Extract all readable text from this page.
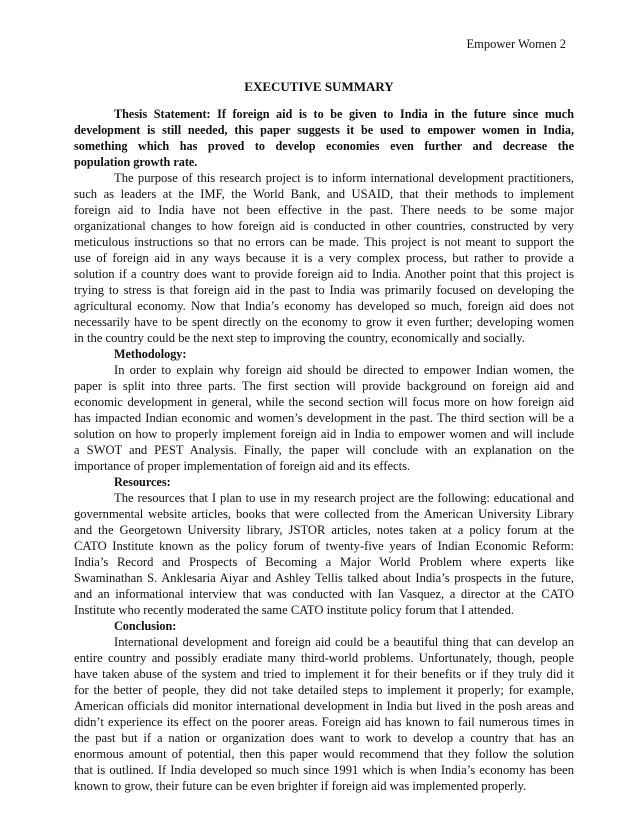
Empower Women 2
EXECUTIVE SUMMARY
Thesis Statement: If foreign aid is to be given to India in the future since much
development is still needed, this paper suggests it be used to empower women in India,
something which has proved to develop economies even further and decrease the
population growth rate.
The purpose of this research project is to inform international development practitioners,
such as leaders at the IMF, the World Bank, and USAID, that their methods to implement
foreign aid to India have not been effective in the past. There needs to be some major
organizational changes to how foreign aid is conducted in other countries, constructed by very
meticulous instructions so that no errors can be made. This project is not meant to support the
use of foreign aid in any ways because it is a very complex process, but rather to provide a
solution if a country does want to provide foreign aid to India. Another point that this project is
trying to stress is that foreign aid in the past to India was primarily focused on developing the
agricultural economy. Now that India’s economy has developed so much, foreign aid does not
necessarily have to be spent directly on the economy to grow it even further; developing women
in the country could be the next step to improving the country, economically and socially.
Methodology:
In order to explain why foreign aid should be directed to empower Indian women, the
paper is split into three parts. The first section will provide background on foreign aid and
economic development in general, while the second section will focus more on how foreign aid
has impacted Indian economic and women’s development in the past. The third section will be a
solution on how to properly implement foreign aid in India to empower women and will include
a SWOT and PEST Analysis. Finally, the paper will conclude with an explanation on the
importance of proper implementation of foreign aid and its effects.
Resources:
The resources that I plan to use in my research project are the following: educational and
governmental website articles, books that were collected from the American University Library
and the Georgetown University library, JSTOR articles, notes taken at a policy forum at the
CATO Institute known as the policy forum of twenty-five years of Indian Economic Reform:
India’s Record and Prospects of Becoming a Major World Problem where experts like
Swaminathan S. Anklesaria Aiyar and Ashley Tellis talked about India’s prospects in the future,
and an informational interview that was conducted with Ian Vasquez, a director at the CATO
Institute who recently moderated the same CATO institute policy forum that I attended.
Conclusion:
International development and foreign aid could be a beautiful thing that can develop an
entire country and possibly eradiate many third-world problems. Unfortunately, though, people
have taken abuse of the system and tried to implement it for their benefits or if they truly did it
for the better of people, they did not take detailed steps to implement it properly; for example,
American officials did monitor international development in India but lived in the posh areas and
didn’t experience its effect on the poorer areas. Foreign aid has known to fail numerous times in
the past but if a nation or organization does want to work to develop a country that has an
enormous amount of potential, then this paper would recommend that they follow the solution
that is outlined. If India developed so much since 1991 which is when India’s economy has been
known to grow, their future can be even brighter if foreign aid was implemented properly.
